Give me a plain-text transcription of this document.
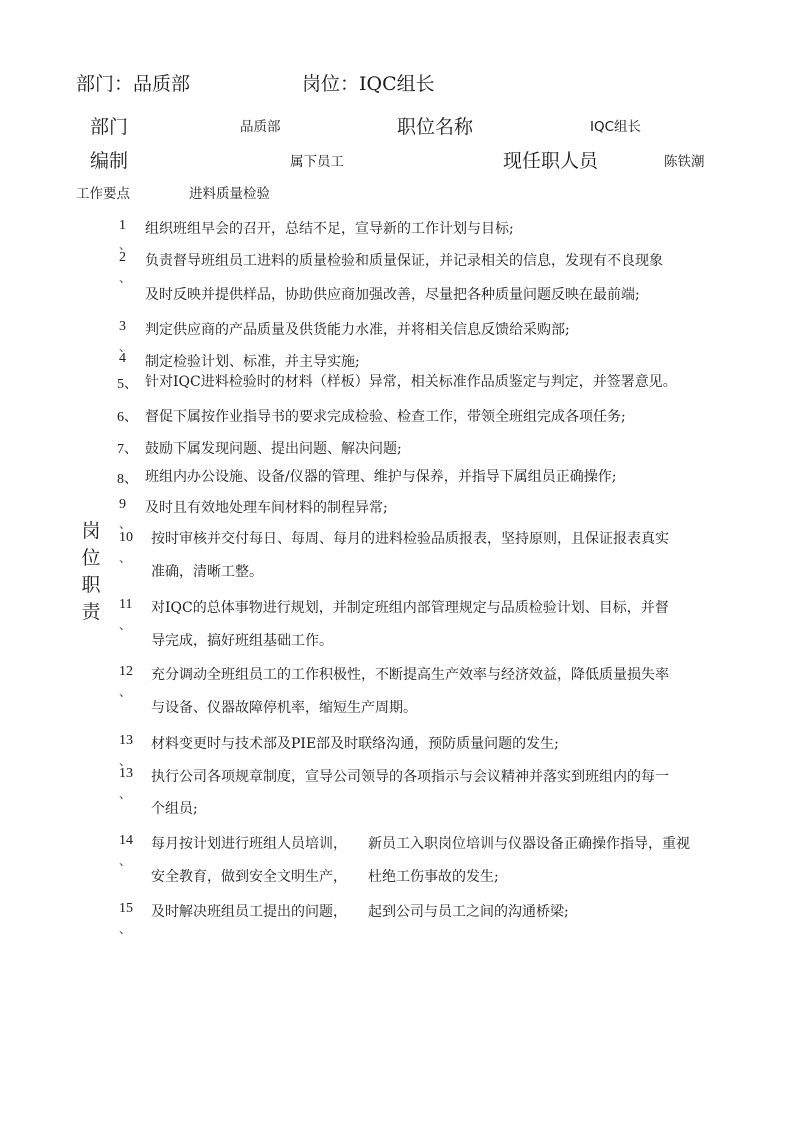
部门：品质部	岗位：IQC组长
部门	品质部	职位名称	IQC组长
编制	属下员工	现任职人员	陈铁潮
工作要点	进料质量检验
岗
位
职
责
1
、
组织班组早会的召开，总结不足，宣导新的工作计划与目标;
2
、
负责督导班组员工进料的质量检验和质量保证，并记录相关的信息，发现有不良现象
及时反映并提供样品，协助供应商加强改善，尽量把各种质量问题反映在最前端;
3
、
判定供应商的产品质量及供货能力水准，并将相关信息反馈给采购部;
4 制定检验计划、标准，并主导实施;
5、 针对IQC进料检验时的材料（样板）异常，相关标准作品质鉴定与判定，并签署意见。
6、 督促下属按作业指导书的要求完成检验、检查工作，带领全班组完成各项任务;
7、 鼓励下属发现问题、提出问题、解决问题;
8、 班组内办公设施、设备/仪器的管理、维护与保养，并指导下属组员正确操作;
9
、
及时且有效地处理车间材料的制程异常;
10
、
按时审核并交付每日、每周、每月的进料检验品质报表，坚持原则，且保证报表真实
准确，清晰工整。
11
、
对IQC的总体事物进行规划，并制定班组内部管理规定与品质检验计划、目标，并督
导完成，搞好班组基础工作。
12
、
充分调动全班组员工的工作积极性，不断提高生产效率与经济效益，降低质量损失率
与设备、仪器故障停机率，缩短生产周期。
13
、
材料变更时与技术部及PIE部及时联络沟通，预防质量问题的发生;
13
、
执行公司各项规章制度，宣导公司领导的各项指示与会议精神并落实到班组内的每一
个组员;
14
、
每月按计划进行班组人员培训，　　新员工入职岗位培训与仪器设备正确操作指导，重视
安全教育，做到安全文明生产，　　杜绝工伤事故的发生;
15
、
及时解决班组员工提出的问题，　　起到公司与员工之间的沟通桥梁;
